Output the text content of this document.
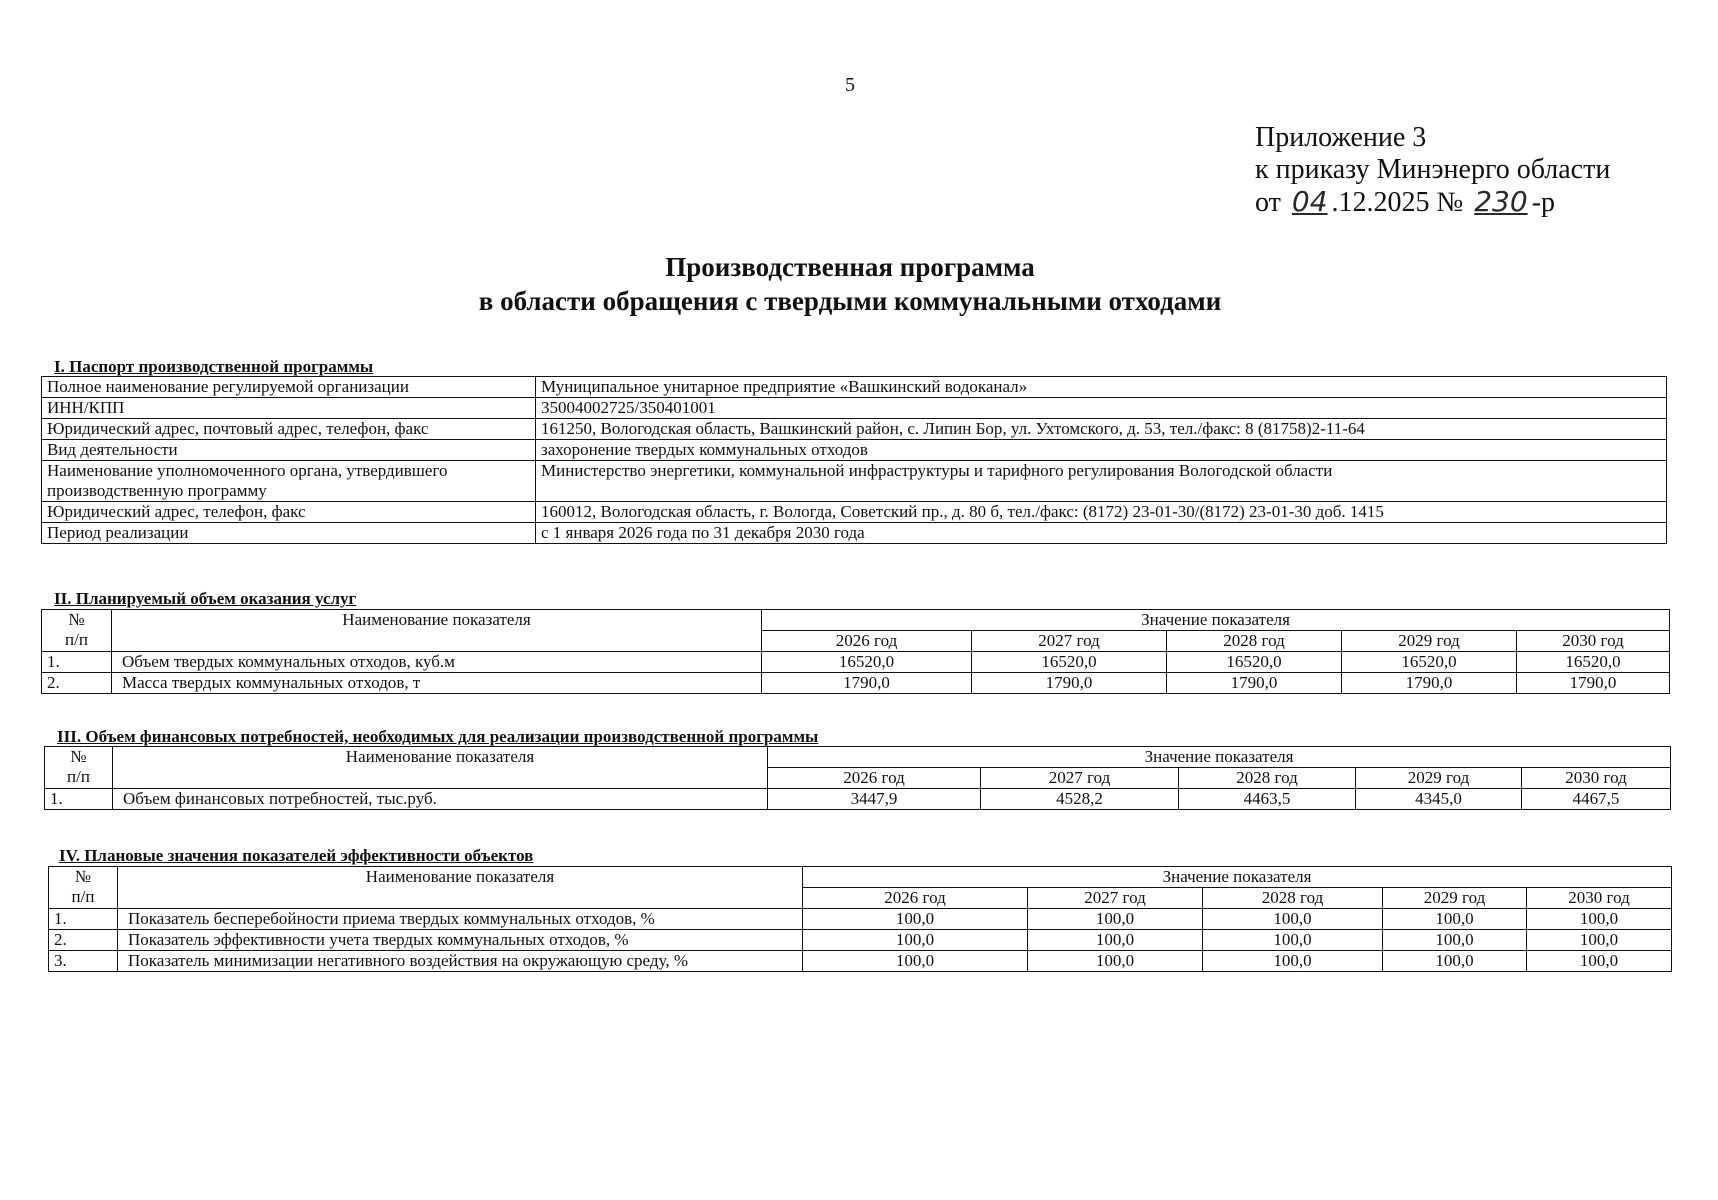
5
Приложение 3
к приказу Минэнерго области
от 04 .12.2025 № 230 -р
Производственная программа
в области обращения с твердыми коммунальными отходами
I. Паспорт производственной программы
Полное наименование регулируемой организации	Муниципальное унитарное предприятие «Вашкинский водоканал»
ИНН/КПП	35004002725/350401001
Юридический адрес, почтовый адрес, телефон, факс	161250, Вологодская область, Вашкинский район, с. Липин Бор, ул. Ухтомского, д. 53, тел./факс: 8 (81758)2-11-64
Вид деятельности	захоронение твердых коммунальных отходов
Наименование уполномоченного органа, утвердившего производственную программу	Министерство энергетики, коммунальной инфраструктуры и тарифного регулирования Вологодской области
Юридический адрес, телефон, факс	160012, Вологодская область, г. Вологда, Советский пр., д. 80 б, тел./факс: (8172) 23-01-30/(8172) 23-01-30 доб. 1415
Период реализации	с 1 января 2026 года по 31 декабря 2030 года
II. Планируемый объем оказания услуг
№
п/п	Наименование показателя	Значение показателя				
		2026 год	2027 год	2028 год	2029 год	2030 год
1.	Объем твердых коммунальных отходов, куб.м	16520,0	16520,0	16520,0	16520,0	16520,0
2.	Масса твердых коммунальных отходов, т	1790,0	1790,0	1790,0	1790,0	1790,0
III. Объем финансовых потребностей, необходимых для реализации производственной программы
№
п/п	Наименование показателя	Значение показателя				
		2026 год	2027 год	2028 год	2029 год	2030 год
1.	Объем финансовых потребностей, тыс.руб.	3447,9	4528,2	4463,5	4345,0	4467,5
IV. Плановые значения показателей эффективности объектов
№
п/п	Наименование показателя	Значение показателя				
		2026 год	2027 год	2028 год	2029 год	2030 год
1.	Показатель бесперебойности приема твердых коммунальных отходов, %	100,0	100,0	100,0	100,0	100,0
2.	Показатель эффективности учета твердых коммунальных отходов, %	100,0	100,0	100,0	100,0	100,0
3.	Показатель минимизации негативного воздействия на окружающую среду, %	100,0	100,0	100,0	100,0	100,0
